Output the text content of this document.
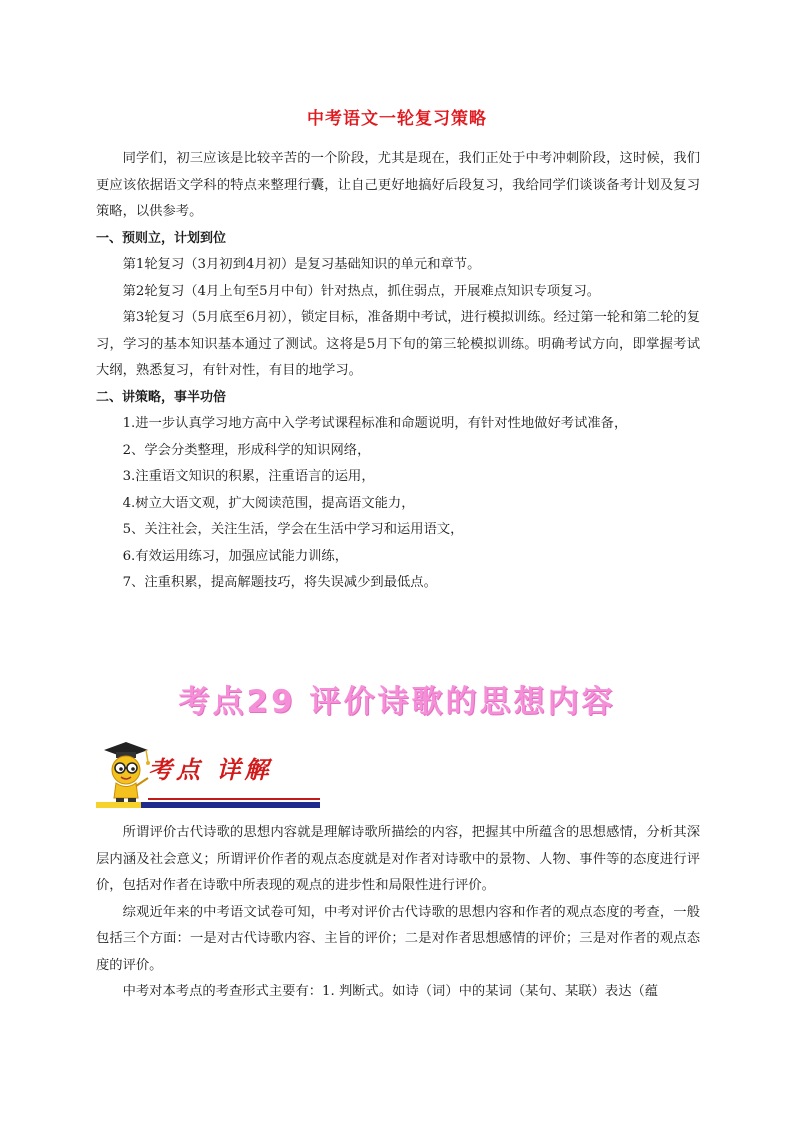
中考语文一轮复习策略

同学们，初三应该是比较辛苦的一个阶段，尤其是现在，我们正处于中考冲刺阶段，这时候，我们更应该依据语文学科的特点来整理行囊，让自己更好地搞好后段复习，我给同学们谈谈备考计划及复习策略，以供参考。

一、预则立，计划到位

第1轮复习（3月初到4月初）是复习基础知识的单元和章节。

第2轮复习（4月上旬至5月中旬）针对热点，抓住弱点，开展难点知识专项复习。

第3轮复习（5月底至6月初），锁定目标，准备期中考试，进行模拟训练。经过第一轮和第二轮的复习，学习的基本知识基本通过了测试。这将是5月下旬的第三轮模拟训练。明确考试方向，即掌握考试大纲，熟悉复习，有针对性，有目的地学习。

二、讲策略，事半功倍

1.进一步认真学习地方高中入学考试课程标准和命题说明，有针对性地做好考试准备，

2、学会分类整理，形成科学的知识网络，

3.注重语文知识的积累，注重语言的运用，

4.树立大语文观，扩大阅读范围，提高语文能力，

5、关注社会，关注生活，学会在生活中学习和运用语文，

6.有效运用练习，加强应试能力训练，

7、注重积累，提高解题技巧，将失误减少到最低点。

考点29 评价诗歌的思想内容
考点 详解

所谓评价古代诗歌的思想内容就是理解诗歌所描绘的内容，把握其中所蕴含的思想感情，分析其深层内涵及社会意义；所谓评价作者的观点态度就是对作者对诗歌中的景物、人物、事件等的态度进行评价，包括对作者在诗歌中所表现的观点的进步性和局限性进行评价。

综观近年来的中考语文试卷可知，中考对评价古代诗歌的思想内容和作者的观点态度的考查，一般包括三个方面：一是对古代诗歌内容、主旨的评价；二是对作者思想感情的评价；三是对作者的观点态度的评价。

中考对本考点的考查形式主要有：1. 判断式。如诗（词）中的某词（某句、某联）表达（蕴
